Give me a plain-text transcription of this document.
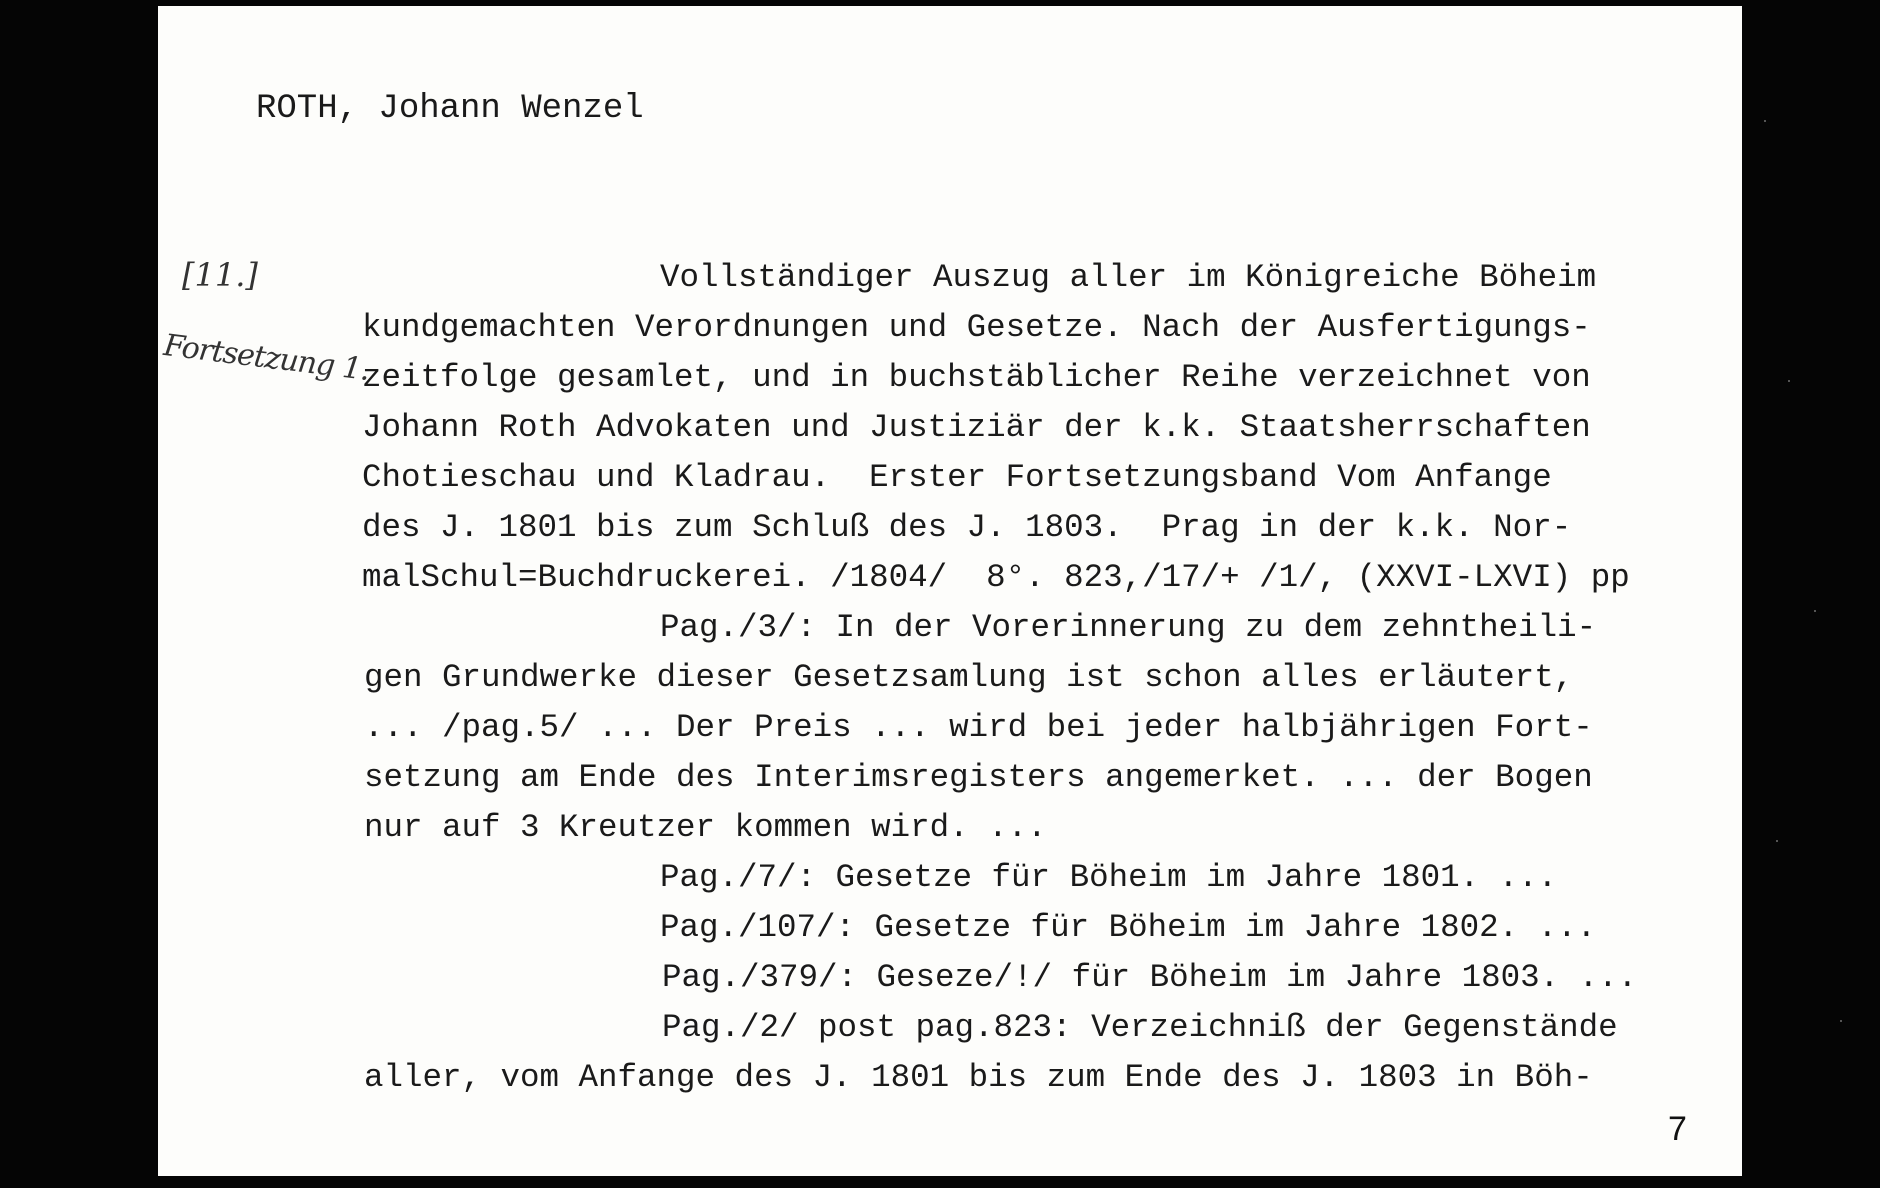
ROTH, Johann Wenzel
[11.]
Fortsetzung 1.
Vollständiger Auszug aller im Königreiche Böheim
kundgemachten Verordnungen und Gesetze. Nach der Ausfertigungs-
zeitfolge gesamlet, und in buchstäblicher Reihe verzeichnet von
Johann Roth Advokaten und Justiziär der k.k. Staatsherrschaften
Chotieschau und Kladrau.  Erster Fortsetzungsband Vom Anfange
des J. 1801 bis zum Schluß des J. 1803.  Prag in der k.k. Nor-
malSchul=Buchdruckerei. /1804/  8°. 823,/17/+ /1/, (XXVI-LXVI) pp
Pag./3/: In der Vorerinnerung zu dem zehntheili-
gen Grundwerke dieser Gesetzsamlung ist schon alles erläutert,
... /pag.5/ ... Der Preis ... wird bei jeder halbjährigen Fort-
setzung am Ende des Interimsregisters angemerket. ... der Bogen
nur auf 3 Kreutzer kommen wird. ...
Pag./7/: Gesetze für Böheim im Jahre 1801. ...
Pag./107/: Gesetze für Böheim im Jahre 1802. ...
Pag./379/: Geseze/!/ für Böheim im Jahre 1803. ...
Pag./2/ post pag.823: Verzeichniß der Gegenstände
aller, vom Anfange des J. 1801 bis zum Ende des J. 1803 in Böh-
7
